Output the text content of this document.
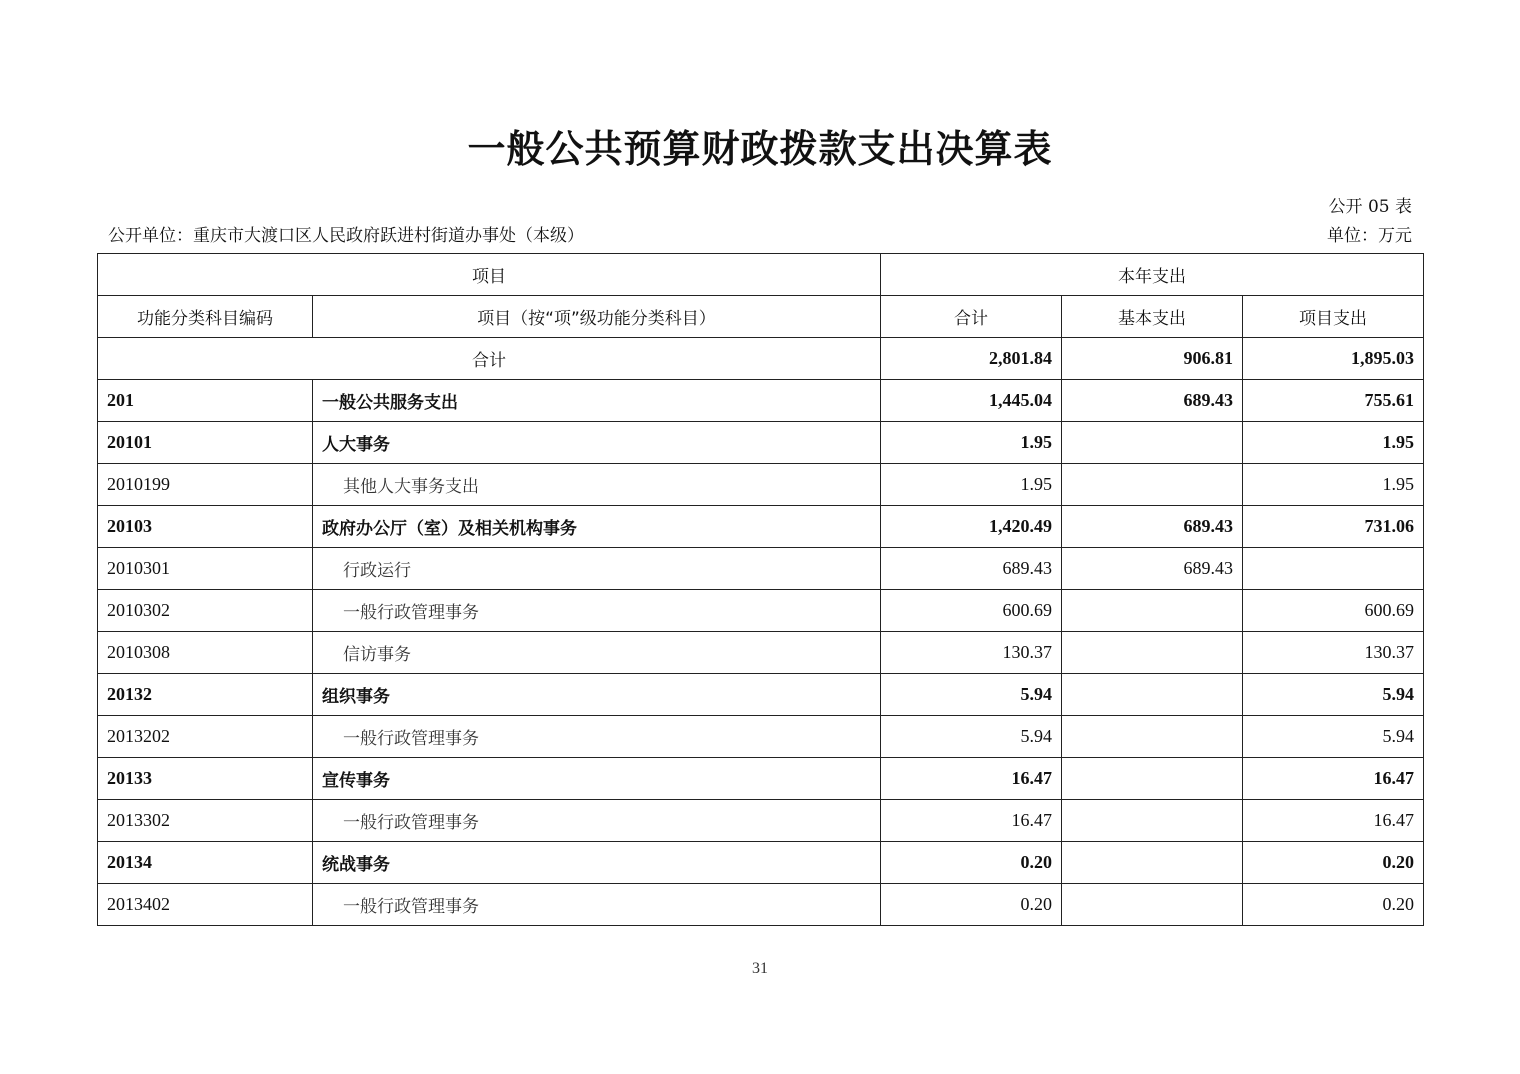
一般公共预算财政拨款支出决算表
公开 05 表
公开单位：重庆市大渡口区人民政府跃进村街道办事处（本级）	单位：万元
项目		本年支出		
功能分类科目编码	项目（按“项”级功能分类科目）	合计	基本支出	项目支出
合计		2,801.84	906.81	1,895.03
201	一般公共服务支出	1,445.04	689.43	755.61
20101	人大事务	1.95		1.95
2010199	其他人大事务支出	1.95		1.95
20103	政府办公厅（室）及相关机构事务	1,420.49	689.43	731.06
2010301	行政运行	689.43	689.43	
2010302	一般行政管理事务	600.69		600.69
2010308	信访事务	130.37		130.37
20132	组织事务	5.94		5.94
2013202	一般行政管理事务	5.94		5.94
20133	宣传事务	16.47		16.47
2013302	一般行政管理事务	16.47		16.47
20134	统战事务	0.20		0.20
2013402	一般行政管理事务	0.20		0.20
31
